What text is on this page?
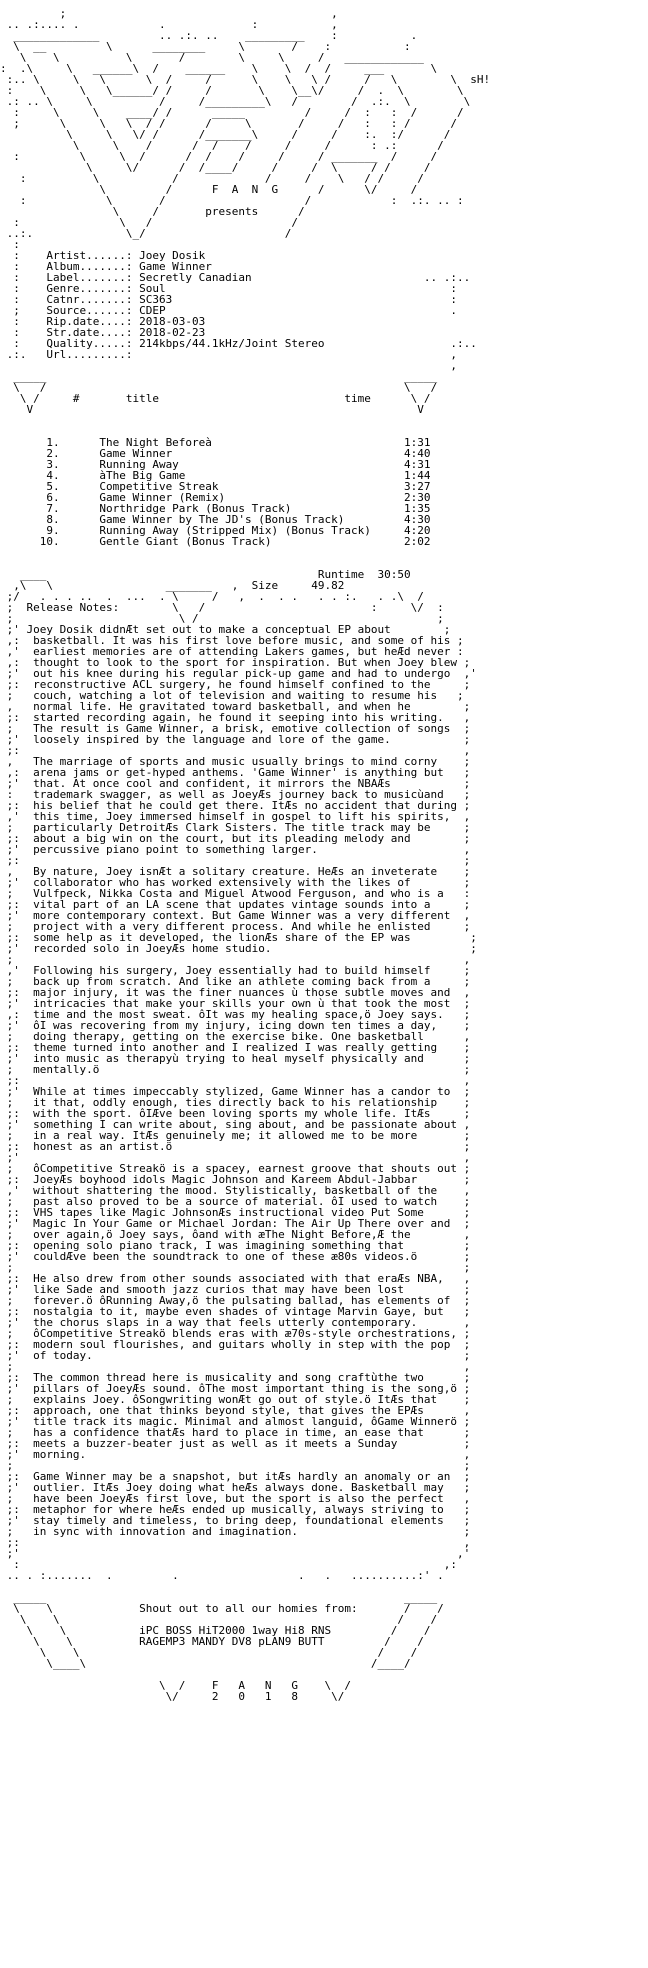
;                                        ,
.. .:.... .            .             :           ,
_____________         .. .:. ..    _________    :           .
\  __         \      ________     \       /    :           :
\    \          \       /        \     \     /   ____________
:  .\     \   ______\  /    ______    \    \  /  /     ___       \
:.. \     \   \      \  /     /      \    \   \ /     /   \        \  sH!
:    \     \   \______/ /     /       \    \__\/     /  .  \        \
.: .. \     \          /     /_________\   /        /  .:.  \        \
:     \     \    ____/ /      _____         /     /  :   :  /      /
;      \     \   \  / /      /     \       /     /   :   : /      /
\     \   \/ /      /_______\     /     /    :.  :/      /
\     \    /      /  /    /     /     /      : .:      /
:         \     \  /      /  /    /     /     / _______  /     /
\     \/      /  /____/     /     /  \     / /     /
:          \           /             /     /    \   / /     /
\         /      F  A  N  G      /      \/     /
:            \       /                     /            :  .:. .. :
\     /       presents      /
:               \   /                     /
..:.              \_/                     /
:
:    Artist......: Joey Dosik
:    Album.......: Game Winner
:    Label.......: Secretly Canadian                          .. .:..
:    Genre.......: Soul                                           :
:    Catnr.......: SC363                                          :
;    Source......: CDEP                                           .
:    Rip.date....: 2018-03-03
:    Str.date....: 2018-02-23
:    Quality.....: 214kbps/44.1kHz/Joint Stereo                   .:..
.:.   Url.........:                                                ,
,
_____                                                      _____
\   /                                                      \   /
\ /     #       title                            time      \ /
V                                                          V

1.      The Night Beforeà                             1:31
2.      Game Winner                                   4:40
3.      Running Away                                  4:31
4.      àThe Big Game                                 1:44
5.      Competitive Streak                            3:27
6.      Game Winner (Remix)                           2:30
7.      Northridge Park (Bonus Track)                 1:35
8.      Game Winner by The JD's (Bonus Track)         4:30
9.      Running Away (Stripped Mix) (Bonus Track)     4:20
10.      Gentle Giant (Bonus Track)                    2:02

____                                         Runtime  30:50
,\   \                 _______   ,  Size     49.82
;/   . . . ..  .  ...  . \     /   ,  .  . .   . . :.   . .\  /
;  Release Notes:        \   /                         :     \/  :
;                         \ /                                    ;
;' Joey Dosik didnÆt set out to make a conceptual EP about        ;
,:  basketball. It was his first love before music, and some of his ;
,'  earliest memories are of attending Lakers games, but heÆd never :
,:  thought to look to the sport for inspiration. But when Joey blew ;
;'  out his knee during his regular pick-up game and had to undergo  ,'
;:  reconstructive ACL surgery, he found himself confined to the     ;
;   couch, watching a lot of television and waiting to resume his   ;
,   normal life. He gravitated toward basketball, and when he        ;
;:  started recording again, he found it seeping into his writing.   ,
;   The result is Game Winner, a brisk, emotive collection of songs  ;
;'  loosely inspired by the language and lore of the game.           ;
;:                                                                   ,
,   The marriage of sports and music usually brings to mind corny    ;
,:  arena jams or get-hyped anthems. 'Game Winner' is anything but   ;
;'  that. At once cool and confident, it mirrors the NBAÆs           ;
:   trademark swagger, as well as JoeyÆs journey back to musicùand   ;
;:  his belief that he could get there. ItÆs no accident that during ;
,'  this time, Joey immersed himself in gospel to lift his spirits,  ,
;   particularly DetroitÆs Clark Sisters. The title track may be     ;
;:  about a big win on the court, but its pleading melody and        ;
;'  percussive piano point to something larger.                      ,
;:                                                                   ;
,   By nature, Joey isnÆt a solitary creature. HeÆs an inveterate    ;
;'  collaborator who has worked extensively with the likes of        ;
;   Vulfpeck, Nikka Costa and Miguel Atwood Ferguson, and who is a   :
;:  vital part of an LA scene that updates vintage sounds into a     ;
;'  more contemporary context. But Game Winner was a very different  ,
;   project with a very different process. And while he enlisted     ;
;:  some help as it developed, the lionÆs share of the EP was         ;
;'  recorded solo in JoeyÆs home studio.                              ;
;                                                                    ,
,'  Following his surgery, Joey essentially had to build himself     ;
;   back up from scratch. And like an athlete coming back from a     ;
;:  major injury, it was the finer nuances ù those subtle moves and  ,
;'  intricacies that make your skills your own ù that took the most  ;
,:  time and the most sweat. ôIt was my healing space,ö Joey says.   ;
;'  ôI was recovering from my injury, icing down ten times a day,    ;
;   doing therapy, getting on the exercise bike. One basketball      ,
;:  theme turned into another and I realized I was really getting    ;
;'  into music as therapyù trying to heal myself physically and      ;
;   mentally.ö                                                       ;
;:                                                                   ,
;'  While at times impeccably stylized, Game Winner has a candor to  ;
;   it that, oddly enough, ties directly back to his relationship    ;
;:  with the sport. ôIÆve been loving sports my whole life. ItÆs     ;
;'  something I can write about, sing about, and be passionate about ,
;   in a real way. ItÆs genuinely me; it allowed me to be more       ;
;:  honest as an artist.ö                                            ;
;'                                                                   ,
;   ôCompetitive Streakö is a spacey, earnest groove that shouts out ;
;:  JoeyÆs boyhood idols Magic Johnson and Kareem Abdul-Jabbar       ;
,'  without shattering the mood. Stylistically, basketball of the    ,
;   past also proved to be a source of material. ôI used to watch    ;
;:  VHS tapes like Magic JohnsonÆs instructional video Put Some      ;
;'  Magic In Your Game or Michael Jordan: The Air Up There over and  ;
;   over again,ö Joey says, ôand with æThe Night Before,Æ the        ,
;:  opening solo piano track, I was imagining something that         ;
;'  couldÆve been the soundtrack to one of these æ80s videos.ö       ;
;                                                                    ;
;:  He also drew from other sounds associated with that eraÆs NBA,   ,
;'  like Sade and smooth jazz curios that may have been lost         ;
;   forever.ö ôRunning Away,ö the pulsating ballad, has elements of  ;
;:  nostalgia to it, maybe even shades of vintage Marvin Gaye, but   ;
;'  the chorus slaps in a way that feels utterly contemporary.       ,
;   ôCompetitive Streakö blends eras with æ70s-style orchestrations, ;
;:  modern soul flourishes, and guitars wholly in step with the pop  ;
;'  of today.                                                        ;
;                                                                    ,
;:  The common thread here is musicality and song craftùthe two      ;
;'  pillars of JoeyÆs sound. ôThe most important thing is the song,ö ;
;   explains Joey. ôSongwriting wonÆt go out of style.ö ItÆs that    ;
;:  approach, one that thinks beyond style, that gives the EPÆs      ,
;'  title track its magic. Minimal and almost languid, ôGame Winnerö ;
;   has a confidence thatÆs hard to place in time, an ease that      ;
;:  meets a buzzer-beater just as well as it meets a Sunday          ;
;'  morning.                                                         ,
;                                                                    ;
;:  Game Winner may be a snapshot, but itÆs hardly an anomaly or an  ;
;'  outlier. ItÆs Joey doing what heÆs always done. Basketball may   ;
;   have been JoeyÆs first love, but the sport is also the perfect   ,
;:  metaphor for where heÆs ended up musically, always striving to   ;
;'  stay timely and timeless, to bring deep, foundational elements   ;
;   in sync with innovation and imagination.                         ;
;:                                                                   ,
;'                                                                  ,'
:                                                                ,:
.. . :.......  .         .                  .   .   ..........:' .

_____                                                      _____
\    \             Shout out to all our homies from:       /    /
\    \                                                   /    /
\    \           iPC BOSS HiT2000 1way Hi8 RNS         /    /
\    \          RAGEMP3 MANDY DV8 pLAN9 BUTT         /    /
\    \                                             /    /
\____\                                           /____/

\  /    F   A   N   G    \  /
\/     2   0   1   8     \/
